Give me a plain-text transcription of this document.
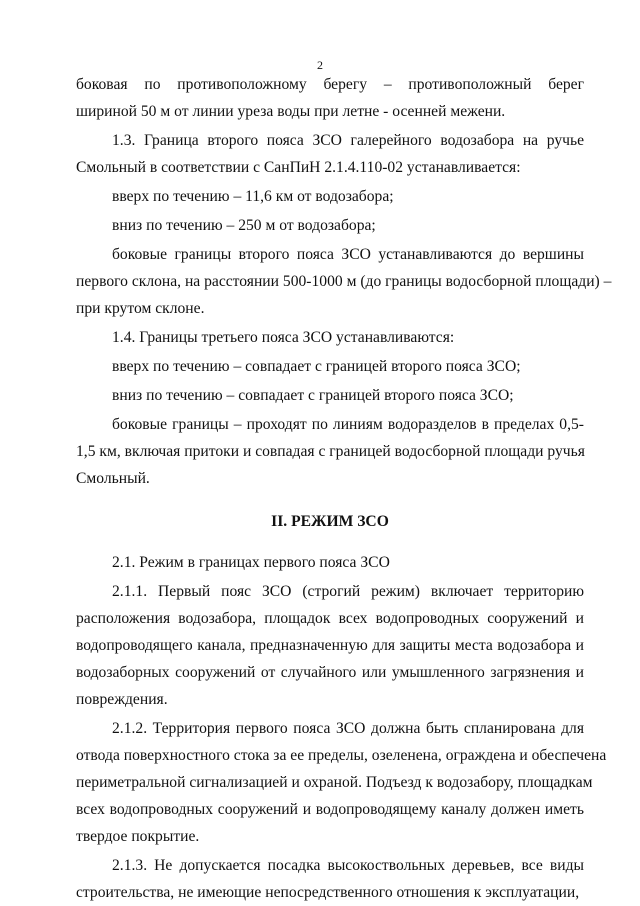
2

боковая по противоположному берегу – противоположный берег
шириной 50 м от линии уреза воды при летне - осенней межени.

1.3. Граница второго пояса ЗСО галерейного водозабора на ручье
Смольный в соответствии с СанПиН 2.1.4.110-02 устанавливается:

вверх по течению – 11,6 км от водозабора;

вниз по течению – 250 м от водозабора;

боковые границы второго пояса ЗСО устанавливаются до вершины
первого склона, на расстоянии 500-1000 м (до границы водосборной площади) –
при крутом склоне.

1.4. Границы третьего пояса ЗСО устанавливаются:

вверх по течению – совпадает с границей второго пояса ЗСО;

вниз по течению – совпадает с границей второго пояса ЗСО;

боковые границы – проходят по линиям водоразделов в пределах 0,5-
1,5 км, включая притоки и совпадая с границей водосборной площади ручья
Смольный.

II. РЕЖИМ ЗСО

2.1. Режим в границах первого пояса ЗСО

2.1.1. Первый пояс ЗСО (строгий режим) включает территорию
расположения водозабора, площадок всех водопроводных сооружений и
водопроводящего канала, предназначенную для защиты места водозабора и
водозаборных сооружений от случайного или умышленного загрязнения и
повреждения.

2.1.2. Территория первого пояса ЗСО должна быть спланирована для
отвода поверхностного стока за ее пределы, озеленена, ограждена и обеспечена
периметральной сигнализацией и охраной. Подъезд к водозабору, площадкам
всех водопроводных сооружений и водопроводящему каналу должен иметь
твердое покрытие.

2.1.3. Не допускается посадка высокоствольных деревьев, все виды
строительства, не имеющие непосредственного отношения к эксплуатации,
